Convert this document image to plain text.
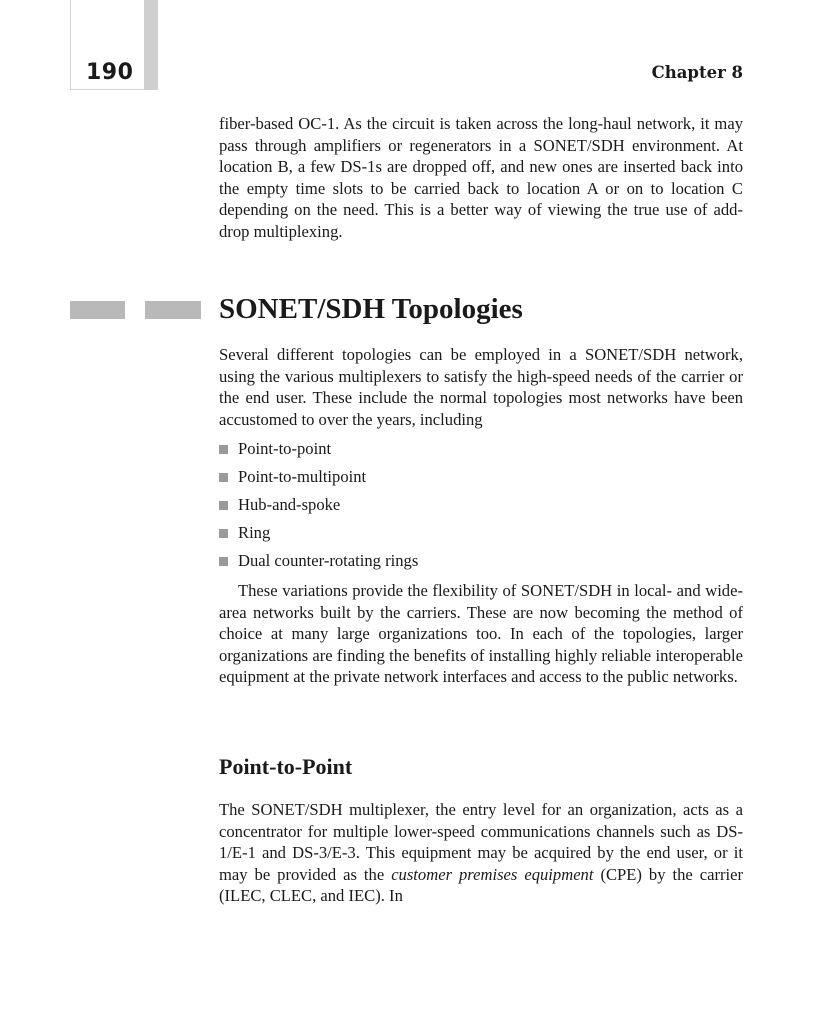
190	Chapter 8

fiber-based OC-1. As the circuit is taken across the long-haul network, it may pass through amplifiers or regenerators in a SONET/SDH environment. At location B, a few DS-1s are dropped off, and new ones are inserted back into the empty time slots to be carried back to location A or on to location C depending on the need. This is a better way of viewing the true use of add-drop multiplexing.

SONET/SDH Topologies

Several different topologies can be employed in a SONET/SDH network, using the various multiplexers to satisfy the high-speed needs of the carrier or the end user. These include the normal topologies most networks have been accustomed to over the years, including

Point-to-point
Point-to-multipoint
Hub-and-spoke
Ring
Dual counter-rotating rings

These variations provide the flexibility of SONET/SDH in local- and wide-area networks built by the carriers. These are now becoming the method of choice at many large organizations too. In each of the topologies, larger organizations are finding the benefits of installing highly reliable interoperable equipment at the private network interfaces and access to the public networks.

Point-to-Point

The SONET/SDH multiplexer, the entry level for an organization, acts as a concentrator for multiple lower-speed communications channels such as DS-1/E-1 and DS-3/E-3. This equipment may be acquired by the end user, or it may be provided as the customer premises equipment (CPE) by the carrier (ILEC, CLEC, and IEC). In
